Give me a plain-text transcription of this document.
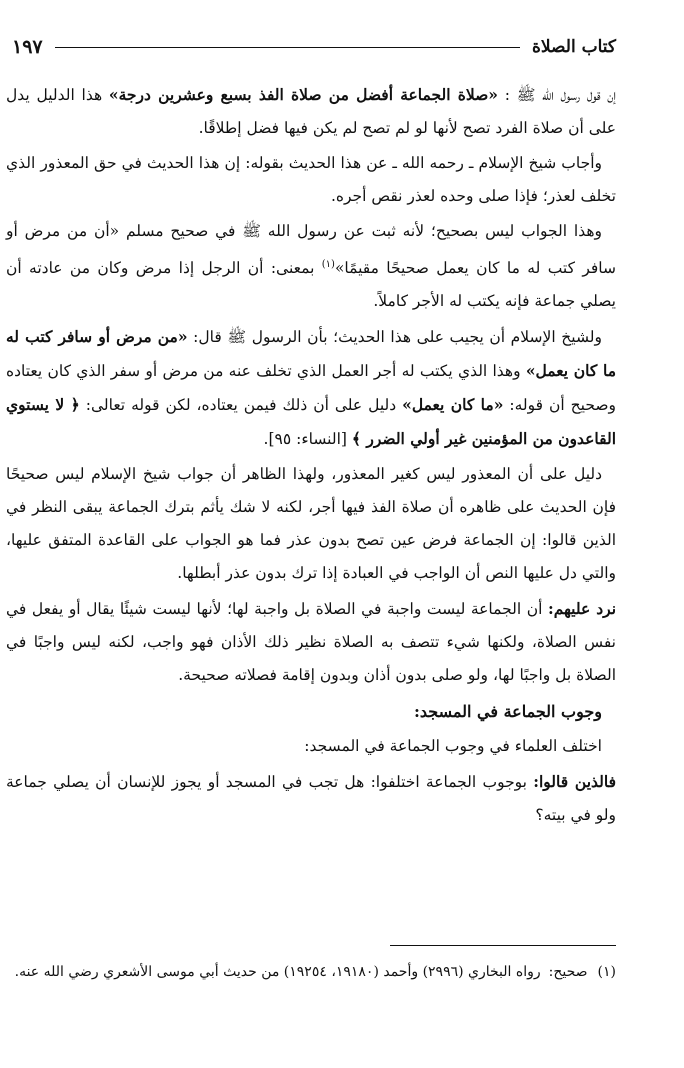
كتاب الصلاة
١٩٧

إن قول رسول الله ﷺ : «صلاة الجماعة أفضل من صلاة الفذ بسبع وعشرين درجة» هذا الدليل يدل على أن صلاة الفرد تصح لأنها لو لم تصح لم يكن فيها فضل إطلاقًا.

وأجاب شيخ الإسلام ـ رحمه الله ـ عن هذا الحديث بقوله: إن هذا الحديث في حق المعذور الذي تخلف لعذر؛ فإذا صلى وحده لعذر نقص أجره.

وهذا الجواب ليس بصحيح؛ لأنه ثبت عن رسول الله ﷺ في صحيح مسلم «أن من مرض أو سافر كتب له ما كان يعمل صحيحًا مقيمًا»$^{(١)}$ بمعنى: أن الرجل إذا مرض وكان من عادته أن يصلي جماعة فإنه يكتب له الأجر كاملاً.

ولشيخ الإسلام أن يجيب على هذا الحديث؛ بأن الرسول ﷺ قال: «من مرض أو سافر كتب له ما كان يعمل» وهذا الذي يكتب له أجر العمل الذي تخلف عنه من مرض أو سفر الذي كان يعتاده وصحيح أن قوله: «ما كان يعمل» دليل على أن ذلك فيمن يعتاده، لكن قوله تعالى: ﴿ لا يستوي القاعدون من المؤمنين غير أولي الضرر ﴾ [النساء: ٩٥].

دليل على أن المعذور ليس كغير المعذور، ولهذا الظاهر أن جواب شيخ الإسلام ليس صحيحًا فإن الحديث على ظاهره أن صلاة الفذ فيها أجر، لكنه لا شك يأثم بترك الجماعة يبقى النظر في الذين قالوا: إن الجماعة فرض عين تصح بدون عذر فما هو الجواب على القاعدة المتفق عليها، والتي دل عليها النص أن الواجب في العبادة إذا ترك بدون عذر أبطلها.

نرد عليهم: أن الجماعة ليست واجبة في الصلاة بل واجبة لها؛ لأنها ليست شيئًا يقال أو يفعل في نفس الصلاة، ولكنها شيء تتصف به الصلاة نظير ذلك الأذان فهو واجب، لكنه ليس واجبًا في الصلاة بل واجبًا لها، ولو صلى بدون أذان وبدون إقامة فصلاته صحيحة.

وجوب الجماعة في المسجد:

اختلف العلماء في وجوب الجماعة في المسجد:

فالذين قالوا: بوجوب الجماعة اختلفوا: هل تجب في المسجد أو يجوز للإنسان أن يصلي جماعة ولو في بيته؟

(١)صحيح:رواه البخاري (٢٩٩٦) وأحمد (١٩١٨٠، ١٩٢٥٤) من حديث أبي موسى الأشعري رضي الله عنه.
